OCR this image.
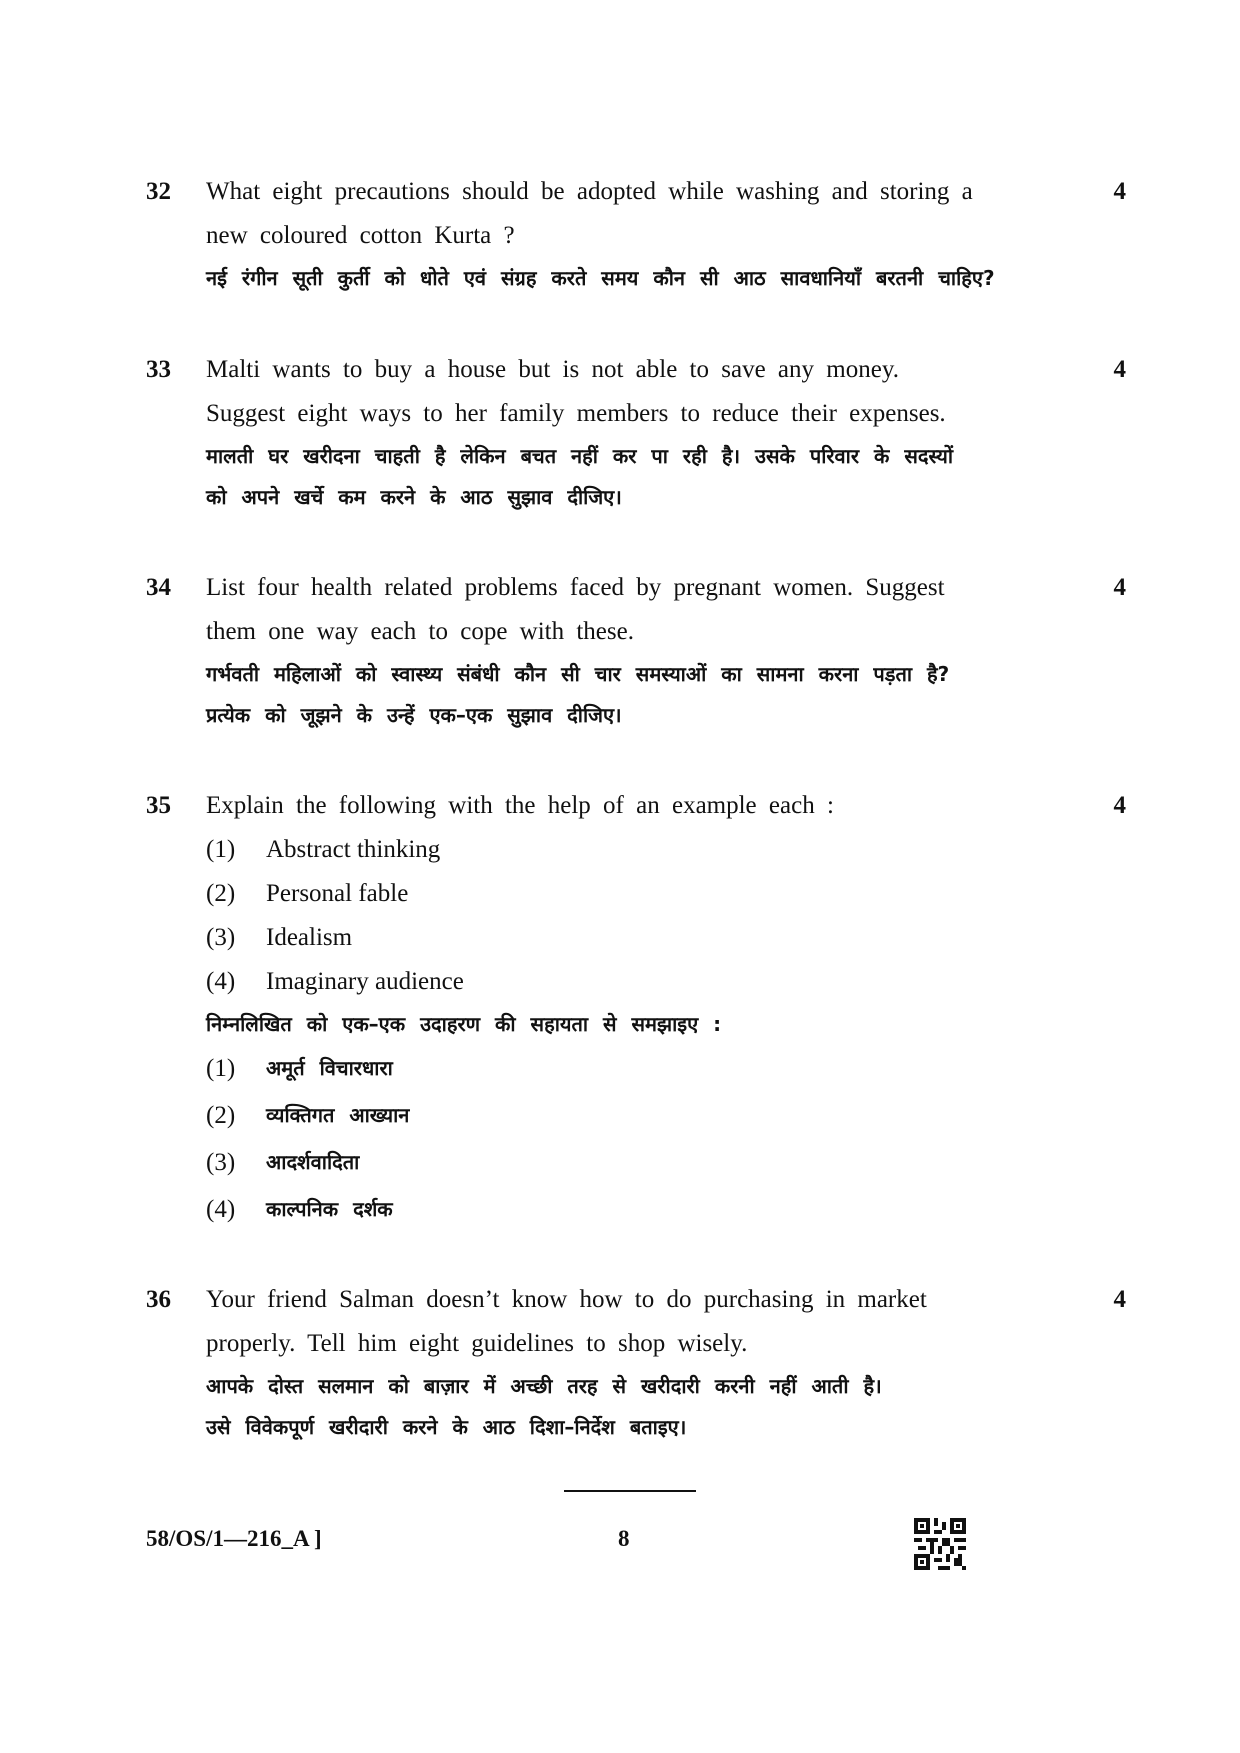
32	4
What eight precautions should be adopted while washing and storing a
new coloured cotton Kurta ?
नई रंगीन सूती कुर्ती को धोते एवं संग्रह करते समय कौन सी आठ सावधानियाँ बरतनी चाहिए?
33	4
Malti wants to buy a house but is not able to save any money.
Suggest eight ways to her family members to reduce their expenses.
मालती घर खरीदना चाहती है लेकिन बचत नहीं कर पा रही है। उसके परिवार के सदस्यों
को अपने खर्चे कम करने के आठ सुझाव दीजिए।
34	4
List four health related problems faced by pregnant women. Suggest
them one way each to cope with these.
गर्भवती महिलाओं को स्वास्थ्य संबंधी कौन सी चार समस्याओं का सामना करना पड़ता है?
प्रत्येक को जूझने के उन्हें एक–एक सुझाव दीजिए।
35	4
Explain the following with the help of an example each :
(1)	Abstract thinking
(2)	Personal fable
(3)	Idealism
(4)	Imaginary audience
निम्नलिखित को एक–एक उदाहरण की सहायता से समझाइए :
(1)	अमूर्त विचारधारा
(2)	व्यक्तिगत आख्यान
(3)	आदर्शवादिता
(4)	काल्पनिक दर्शक
36	4
Your friend Salman doesn’t know how to do purchasing in market
properly. Tell him eight guidelines to shop wisely.
आपके दोस्त सलमान को बाज़ार में अच्छी तरह से खरीदारी करनी नहीं आती है।
उसे विवेकपूर्ण खरीदारी करने के आठ दिशा–निर्देश बताइए।
58/OS/1—216_A ]	8
